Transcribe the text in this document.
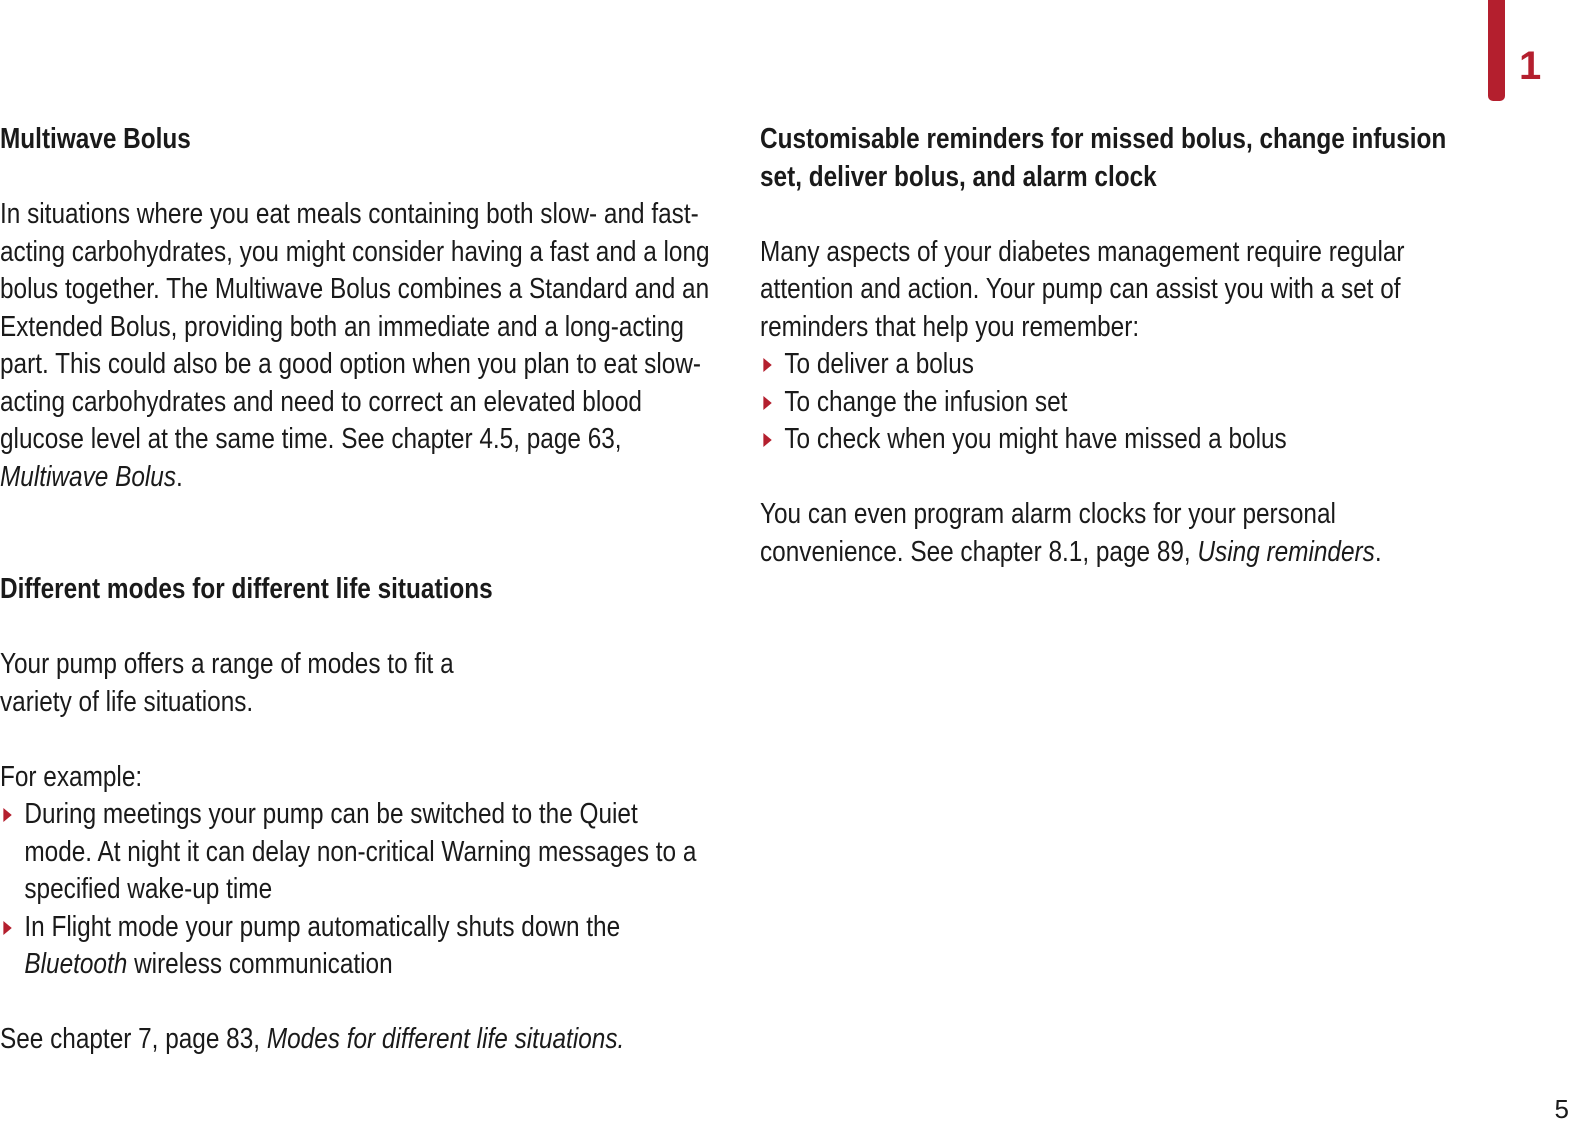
1
Multiwave Bolus

In situations where you eat meals containing both slow- and fast-acting carbohydrates, you might consider having a fast and a long bolus together. The Multiwave Bolus combines a Standard and an Extended Bolus, providing both an immediate and a long-acting part. This could also be a good option when you plan to eat slow-acting carbohydrates and need to correct an elevated blood glucose level at the same time. See chapter 4.5, page 63,
Multiwave Bolus.

Different modes for different life situations

Your pump offers a range of modes to fit a variety of life situations.

For example:

During meetings your pump can be switched to the Quiet mode. At night it can delay non-critical Warning messages to a specified wake-up time
In Flight mode your pump automatically shuts down the
Bluetooth wireless communication

See chapter 7, page 83, Modes for different life situations.

Customisable reminders for missed bolus, change infusion set, deliver bolus, and alarm clock

Many aspects of your diabetes management require regular attention and action. Your pump can assist you with a set of reminders that help you remember:

To deliver a bolus
To change the infusion set
To check when you might have missed a bolus

You can even program alarm clocks for your personal convenience. See chapter 8.1, page 89, Using reminders.

5
